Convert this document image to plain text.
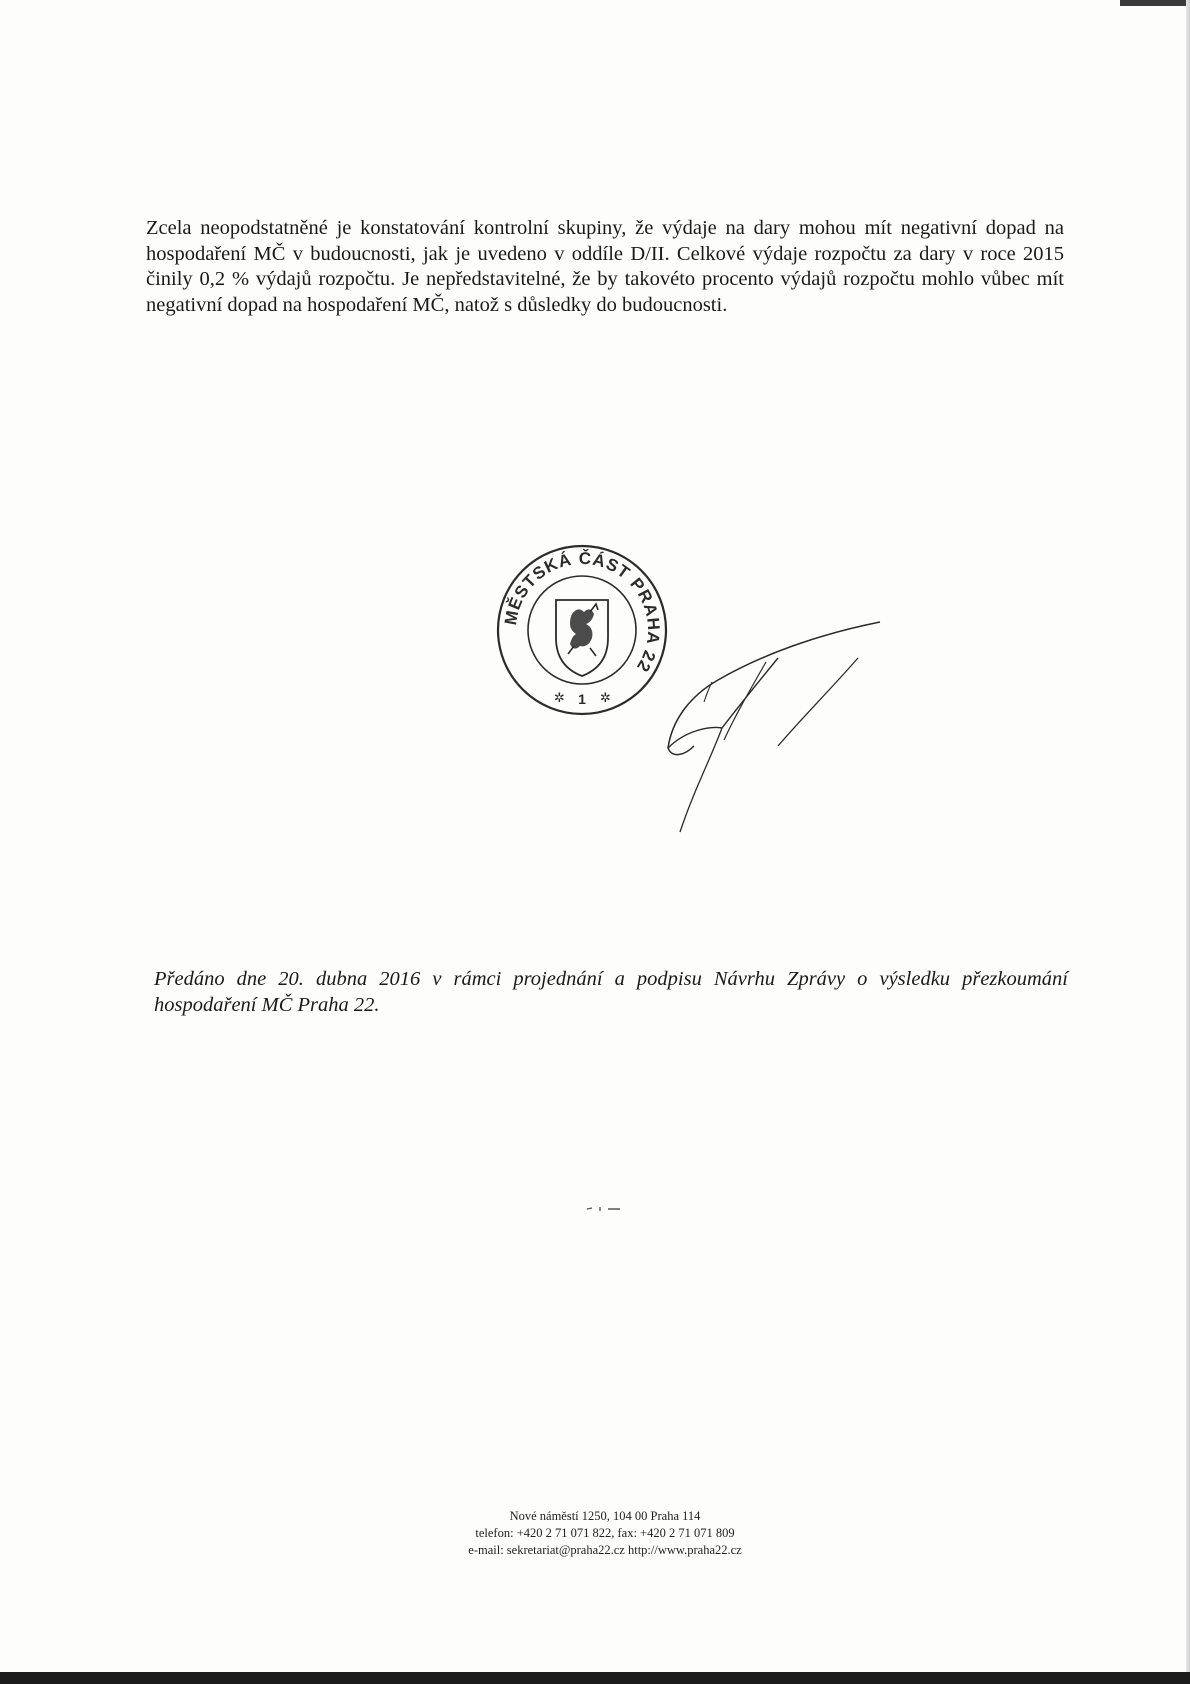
Zcela neopodstatněné je konstatování kontrolní skupiny, že výdaje na dary mohou mít negativní dopad na hospodaření MČ v budoucnosti, jak je uvedeno v oddíle D/II. Celkové výdaje rozpočtu za dary v roce 2015 činily 0,2 % výdajů rozpočtu. Je nepředstavitelné, že by takovéto procento výdajů rozpočtu mohlo vůbec mít negativní dopad na hospodaření MČ, natož s důsledky do budoucnosti.

MĚSTSKÁ ČÁST PRAHA 22
✲	✲
1

Předáno dne 20. dubna 2016 v rámci projednání a podpisu Návrhu Zprávy o výsledku přezkoumání hospodaření MČ Praha 22.

Nové náměstí 1250, 104 00 Praha 114
telefon: +420 2 71 071 822, fax: +420 2 71 071 809
e-mail: sekretariat@praha22.cz http://www.praha22.cz
